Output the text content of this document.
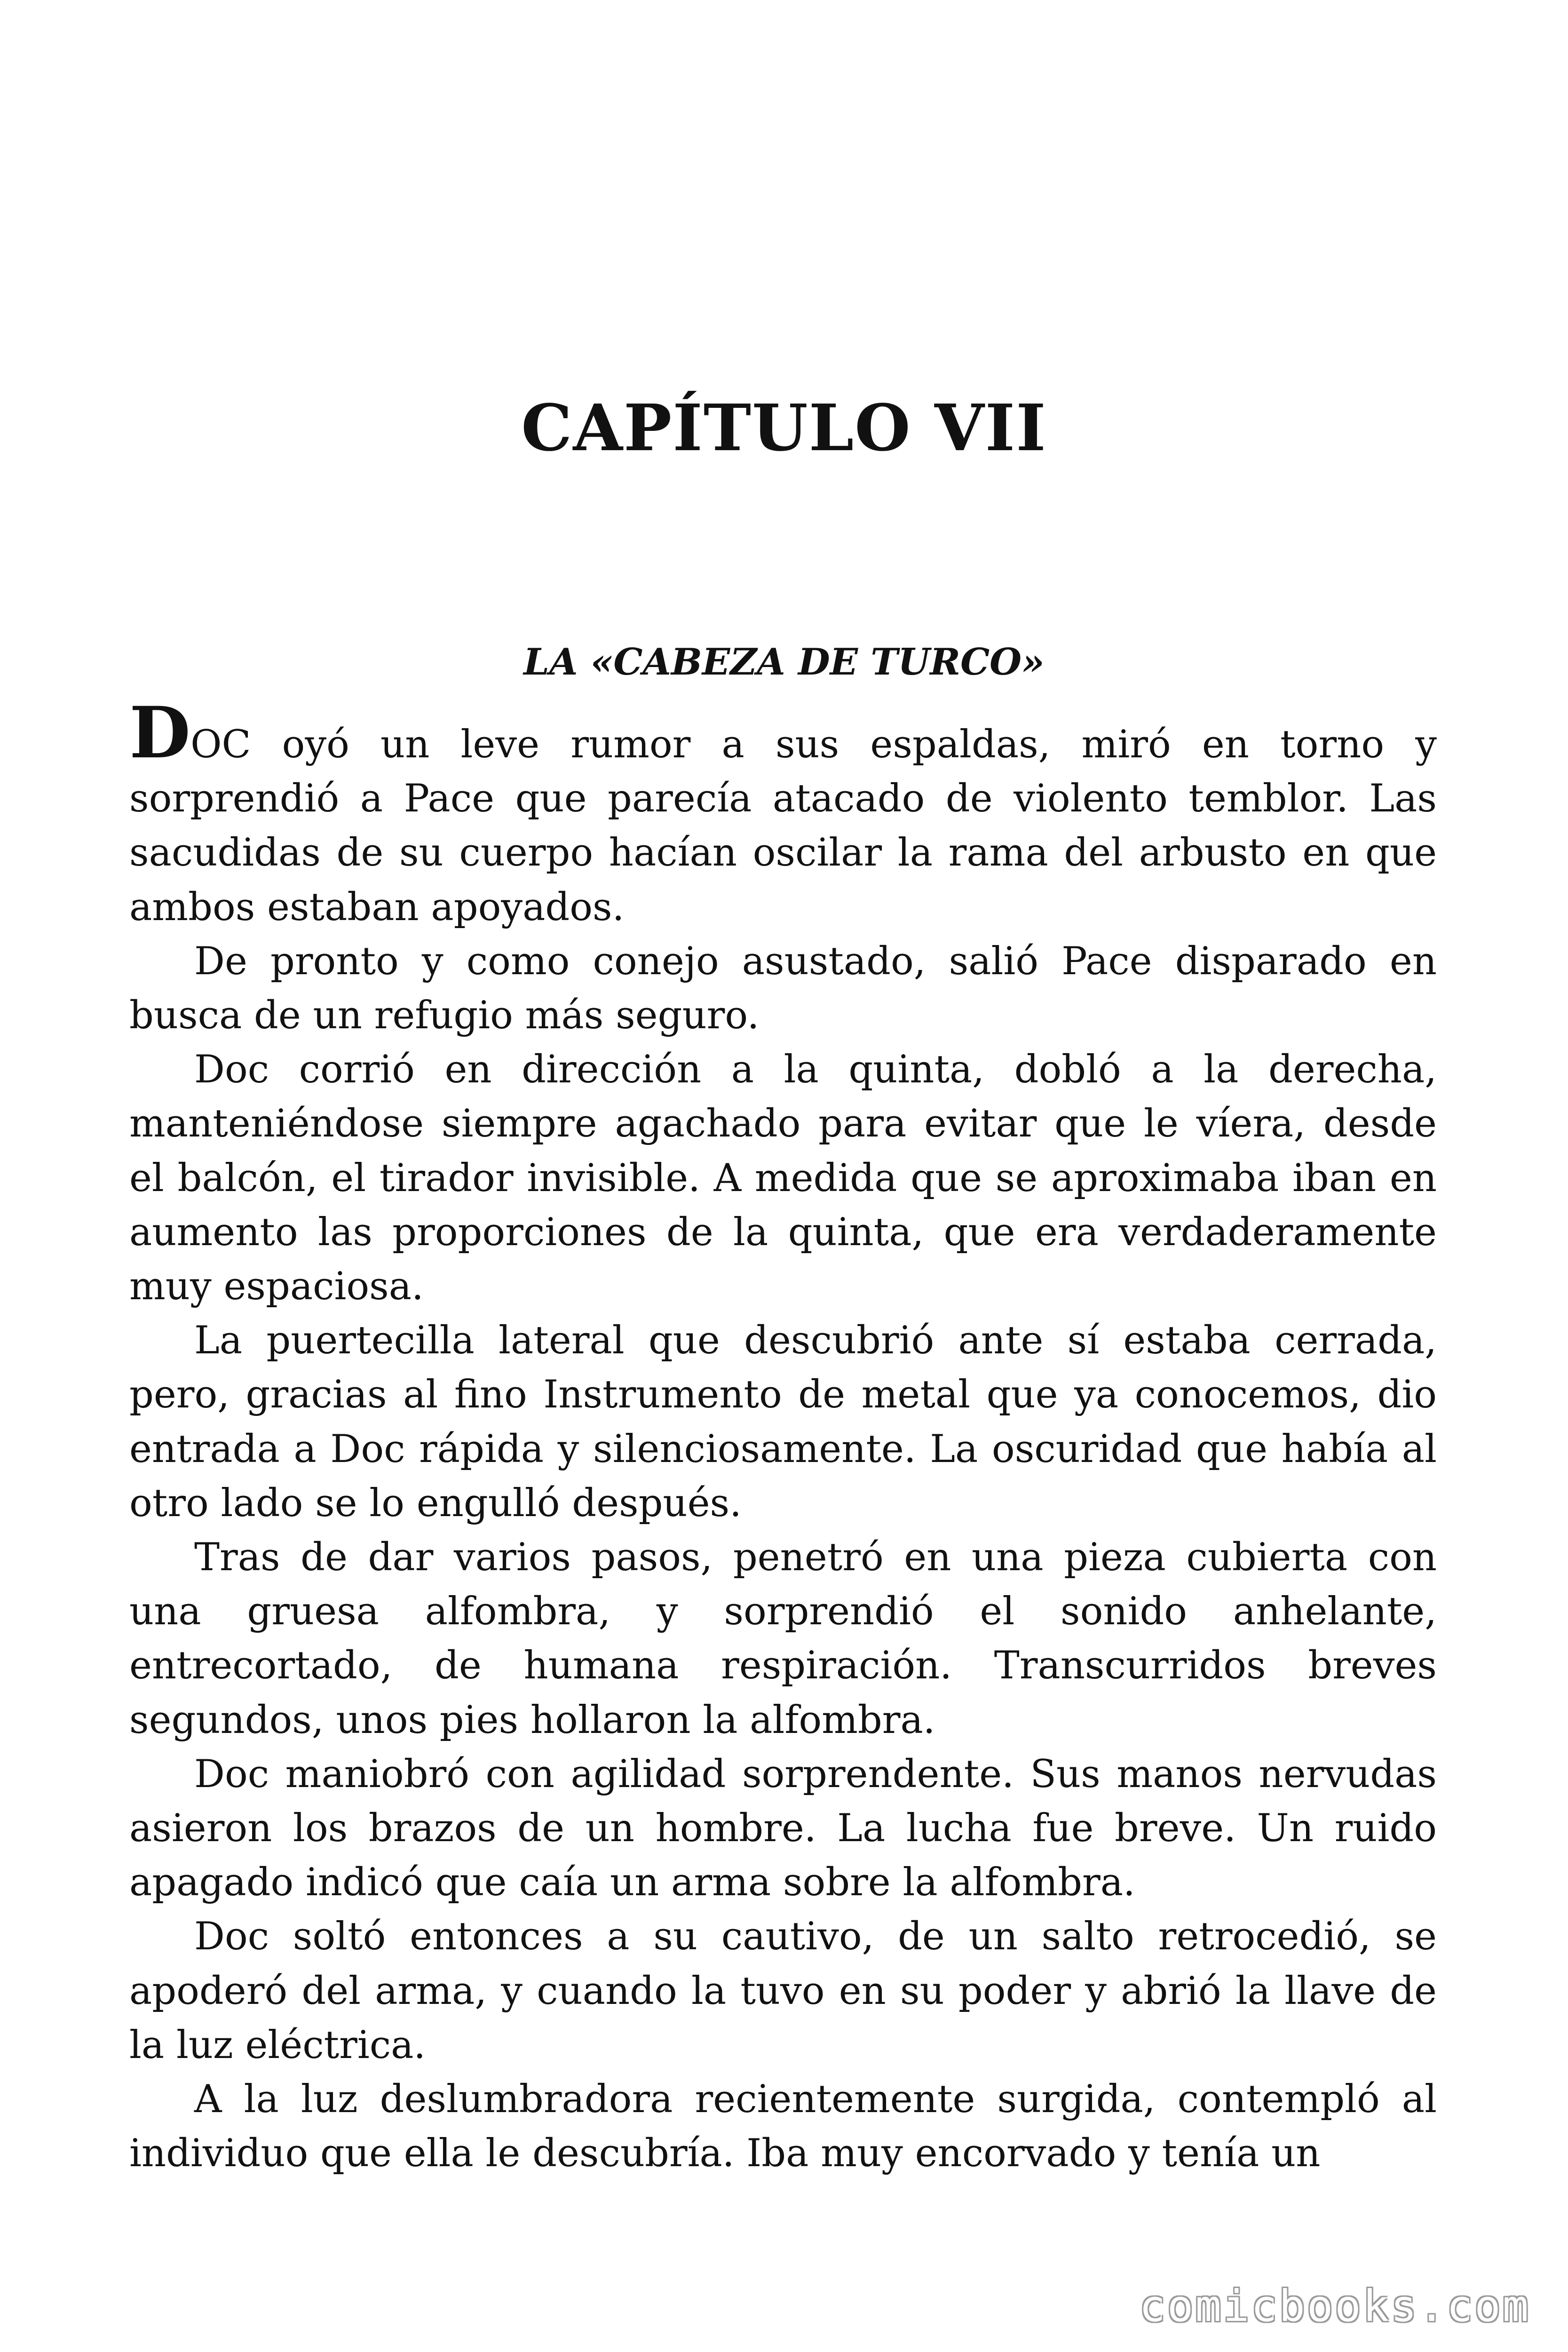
CAPÍTULO VII
LA «CABEZA DE TURCO»

DOC oyó un leve rumor a sus espaldas, miró en torno y sorprendió a Pace que parecía atacado de violento temblor. Las sacudidas de su cuerpo hacían oscilar la rama del arbusto en que ambos estaban apoyados.

De pronto y como conejo asustado, salió Pace disparado en busca de un refugio más seguro.

Doc corrió en dirección a la quinta, dobló a la derecha, manteniéndose siempre agachado para evitar que le víera, desde el balcón, el tirador invisible. A medida que se aproximaba iban en aumento las proporciones de la quinta, que era verdaderamente muy espaciosa.

La puertecilla lateral que descubrió ante sí estaba cerrada, pero, gracias al fino Instrumento de metal que ya conocemos, dio entrada a Doc rápida y silenciosamente. La oscuridad que había al otro lado se lo engulló después.

Tras de dar varios pasos, penetró en una pieza cubierta con una gruesa alfombra, y sorprendió el sonido anhelante, entrecortado, de humana respiración. Transcurridos breves segundos, unos pies hollaron la alfombra.

Doc maniobró con agilidad sorprendente. Sus manos nervudas asieron los brazos de un hombre. La lucha fue breve. Un ruido apagado indicó que caía un arma sobre la alfombra.

Doc soltó entonces a su cautivo, de un salto retrocedió, se apoderó del arma, y cuando la tuvo en su poder y abrió la llave de la luz eléctrica.

A la luz deslumbradora recientemente surgida, contempló al individuo que ella le descubría. Iba muy encorvado y tenía un

comicbooks.com
